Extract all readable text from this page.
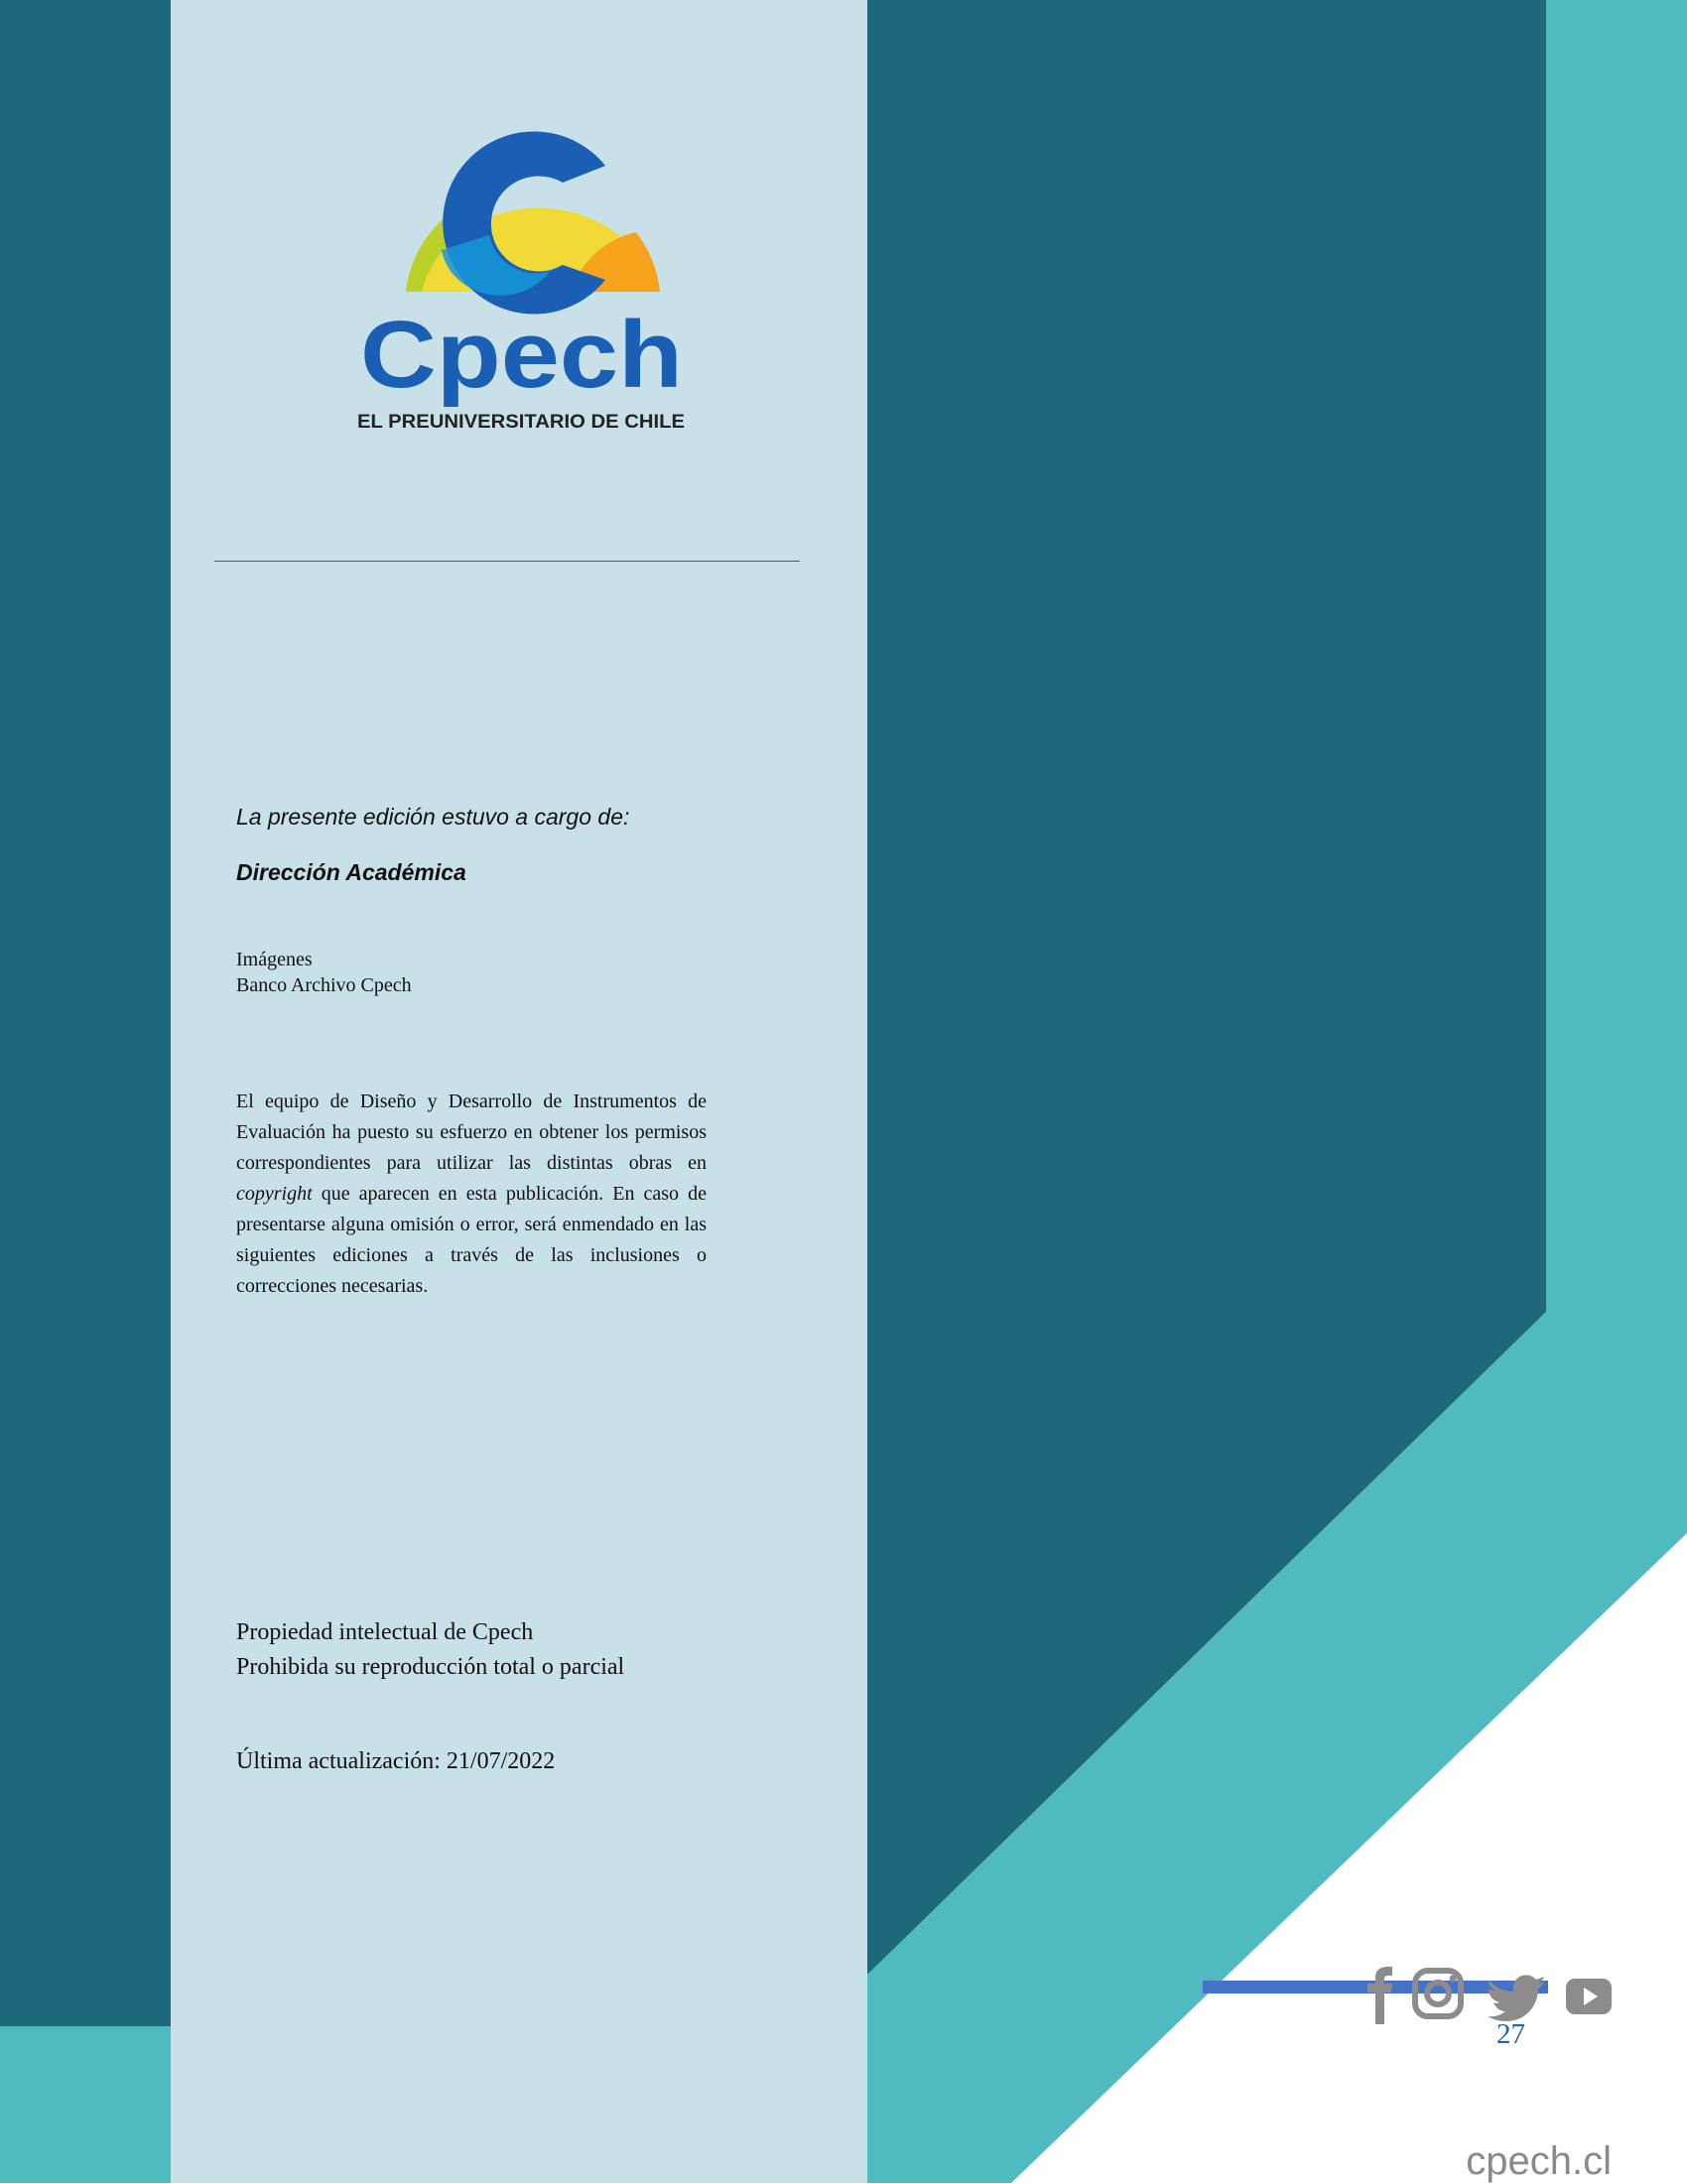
Cpech
EL PREUNIVERSITARIO DE CHILE
La presente edición estuvo a cargo de:
Dirección Académica
Imágenes
Banco Archivo Cpech
El equipo de Diseño y Desarrollo de Instrumentos de Evaluación ha puesto su esfuerzo en obtener los permisos correspondientes para utilizar las distintas obras en copyright que aparecen en esta publicación. En caso de presentarse alguna omisión o error, será enmendado en las siguientes ediciones a través de las inclusiones o correcciones necesarias.
Propiedad intelectual de Cpech
Prohibida su reproducción total o parcial
Última actualización: 21/07/2022
27
cpech.cl
